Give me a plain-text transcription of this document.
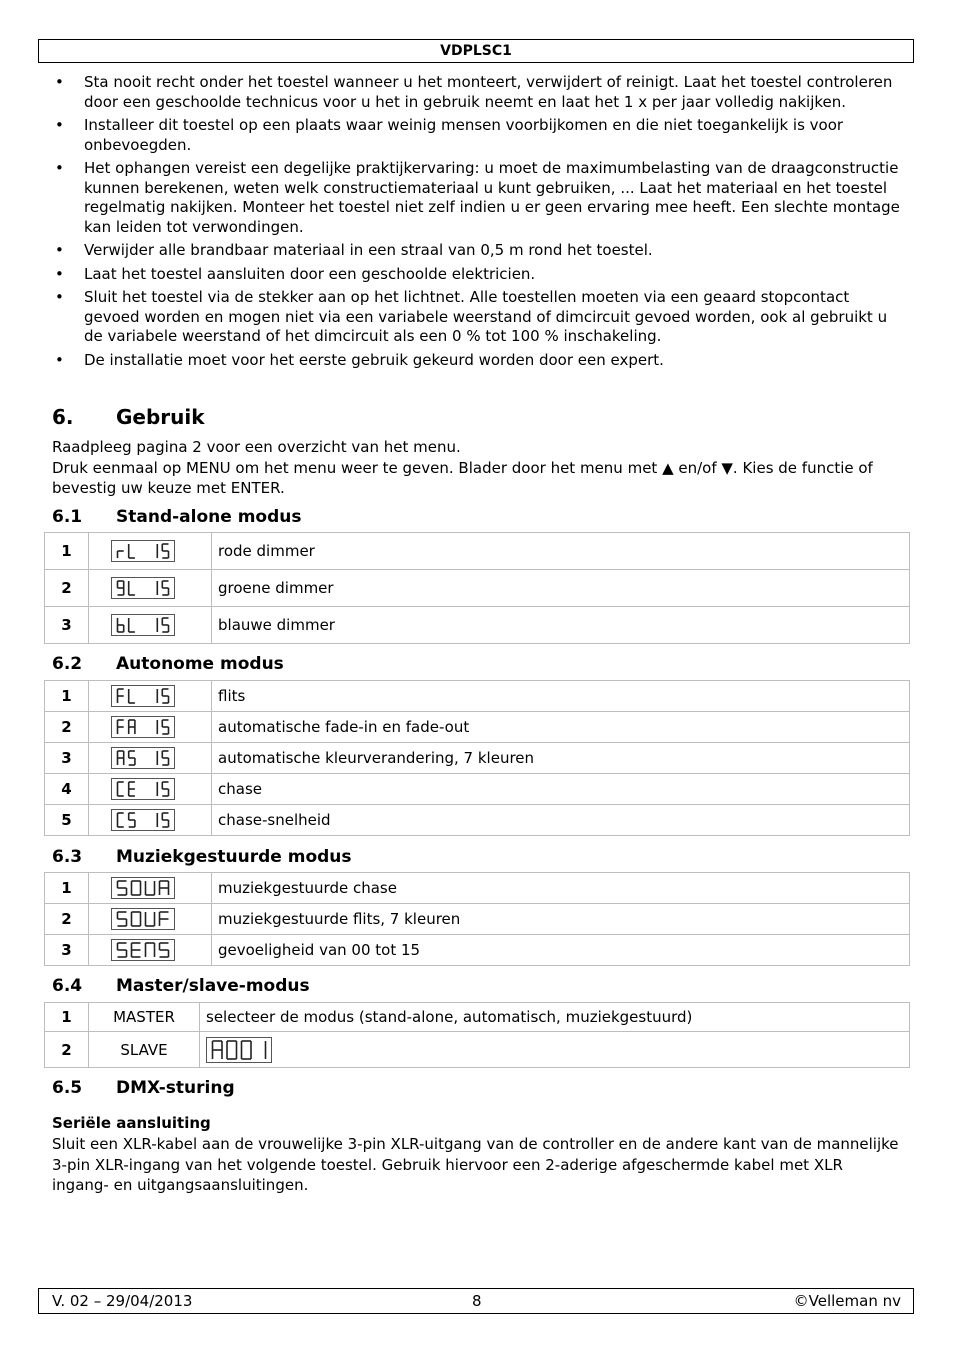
VDPLSC1
• Sta nooit recht onder het toestel wanneer u het monteert, verwijdert of reinigt. Laat het toestel controleren door een geschoolde technicus voor u het in gebruik neemt en laat het 1 x per jaar volledig nakijken.
• Installeer dit toestel op een plaats waar weinig mensen voorbijkomen en die niet toegankelijk is voor onbevoegden.
• Het ophangen vereist een degelijke praktijkervaring: u moet de maximumbelasting van de draagconstructie kunnen berekenen, weten welk constructiemateriaal u kunt gebruiken, ... Laat het materiaal en het toestel regelmatig nakijken. Monteer het toestel niet zelf indien u er geen ervaring mee heeft. Een slechte montage kan leiden tot verwondingen.
• Verwijder alle brandbaar materiaal in een straal van 0,5 m rond het toestel.
• Laat het toestel aansluiten door een geschoolde elektricien.
• Sluit het toestel via de stekker aan op het lichtnet. Alle toestellen moeten via een geaard stopcontact gevoed worden en mogen niet via een variabele weerstand of dimcircuit gevoed worden, ook al gebruikt u de variabele weerstand of het dimcircuit als een 0 % tot 100 % inschakeling.
• De installatie moet voor het eerste gebruik gekeurd worden door een expert.
6. Gebruik

Raadpleeg pagina 2 voor een overzicht van het menu.
Druk eenmaal op MENU om het menu weer te geven. Blader door het menu met ▲ en/of ▼. Kies de functie of bevestig uw keuze met ENTER.

6.1 Stand-alone modus
1		rode dimmer
2		groene dimmer
3		blauwe dimmer
6.2 Autonome modus
1		flits
2		automatische fade-in en fade-out
3		automatische kleurverandering, 7 kleuren
4		chase
5		chase-snelheid
6.3 Muziekgestuurde modus
1		muziekgestuurde chase
2		muziekgestuurde flits, 7 kleuren
3		gevoeligheid van 00 tot 15
6.4 Master/slave-modus
1	MASTER	selecteer de modus (stand-alone, automatisch, muziekgestuurd)
2	SLAVE	
6.5 DMX-sturing

Seriële aansluiting

Sluit een XLR-kabel aan de vrouwelijke 3-pin XLR-uitgang van de controller en de andere kant van de mannelijke 3-pin XLR-ingang van het volgende toestel. Gebruik hiervoor een 2-aderige afgeschermde kabel met XLR ingang- en uitgangsaansluitingen.

V. 02 – 29/04/2013	8	©Velleman nv
